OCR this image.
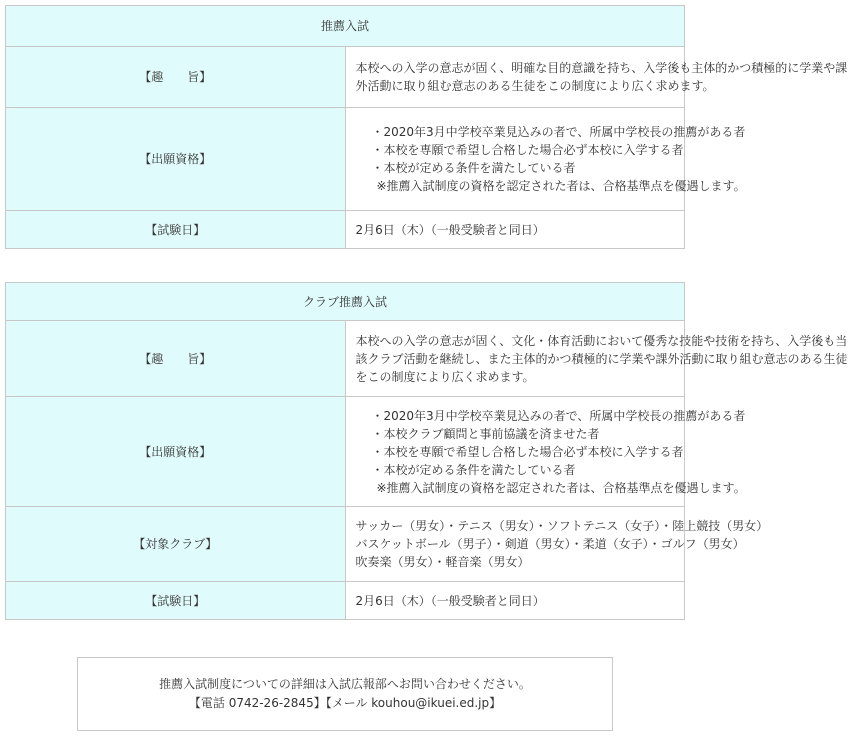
推薦入試	
【趣　　旨】	本校への入学の意志が固く、明確な目的意識を持ち、入学後も主体的かつ積極的に学業や課
外活動に取り組む意志のある生徒をこの制度により広く求めます。

【出願資格】	・2020年3月中学校卒業見込みの者で、所属中学校長の推薦がある者
・本校を専願で希望し合格した場合必ず本校に入学する者
・本校が定める条件を満たしている者
※推薦入試制度の資格を認定された者は、合格基準点を優遇します。

【試験日】	2月6日（木）（一般受験者と同日）
クラブ推薦入試	
【趣　　旨】	本校への入学の意志が固く、文化・体育活動において優秀な技能や技術を持ち、入学後も当
該クラブ活動を継続し、また主体的かつ積極的に学業や課外活動に取り組む意志のある生徒
をこの制度により広く求めます。

【出願資格】	・2020年3月中学校卒業見込みの者で、所属中学校長の推薦がある者
・本校クラブ顧問と事前協議を済ませた者
・本校を専願で希望し合格した場合必ず本校に入学する者
・本校が定める条件を満たしている者
※推薦入試制度の資格を認定された者は、合格基準点を優遇します。

【対象クラブ】	サッカー（男女）・テニス（男女）・ソフトテニス（女子）・陸上競技（男女）
バスケットボール（男子）・剣道（男女）・柔道（女子）・ゴルフ（男女）
吹奏楽（男女）・軽音楽（男女）

【試験日】	2月6日（木）（一般受験者と同日）
推薦入試制度についての詳細は入試広報部へお問い合わせください。
【電話 0742-26-2845】【メール kouhou@ikuei.ed.jp】
